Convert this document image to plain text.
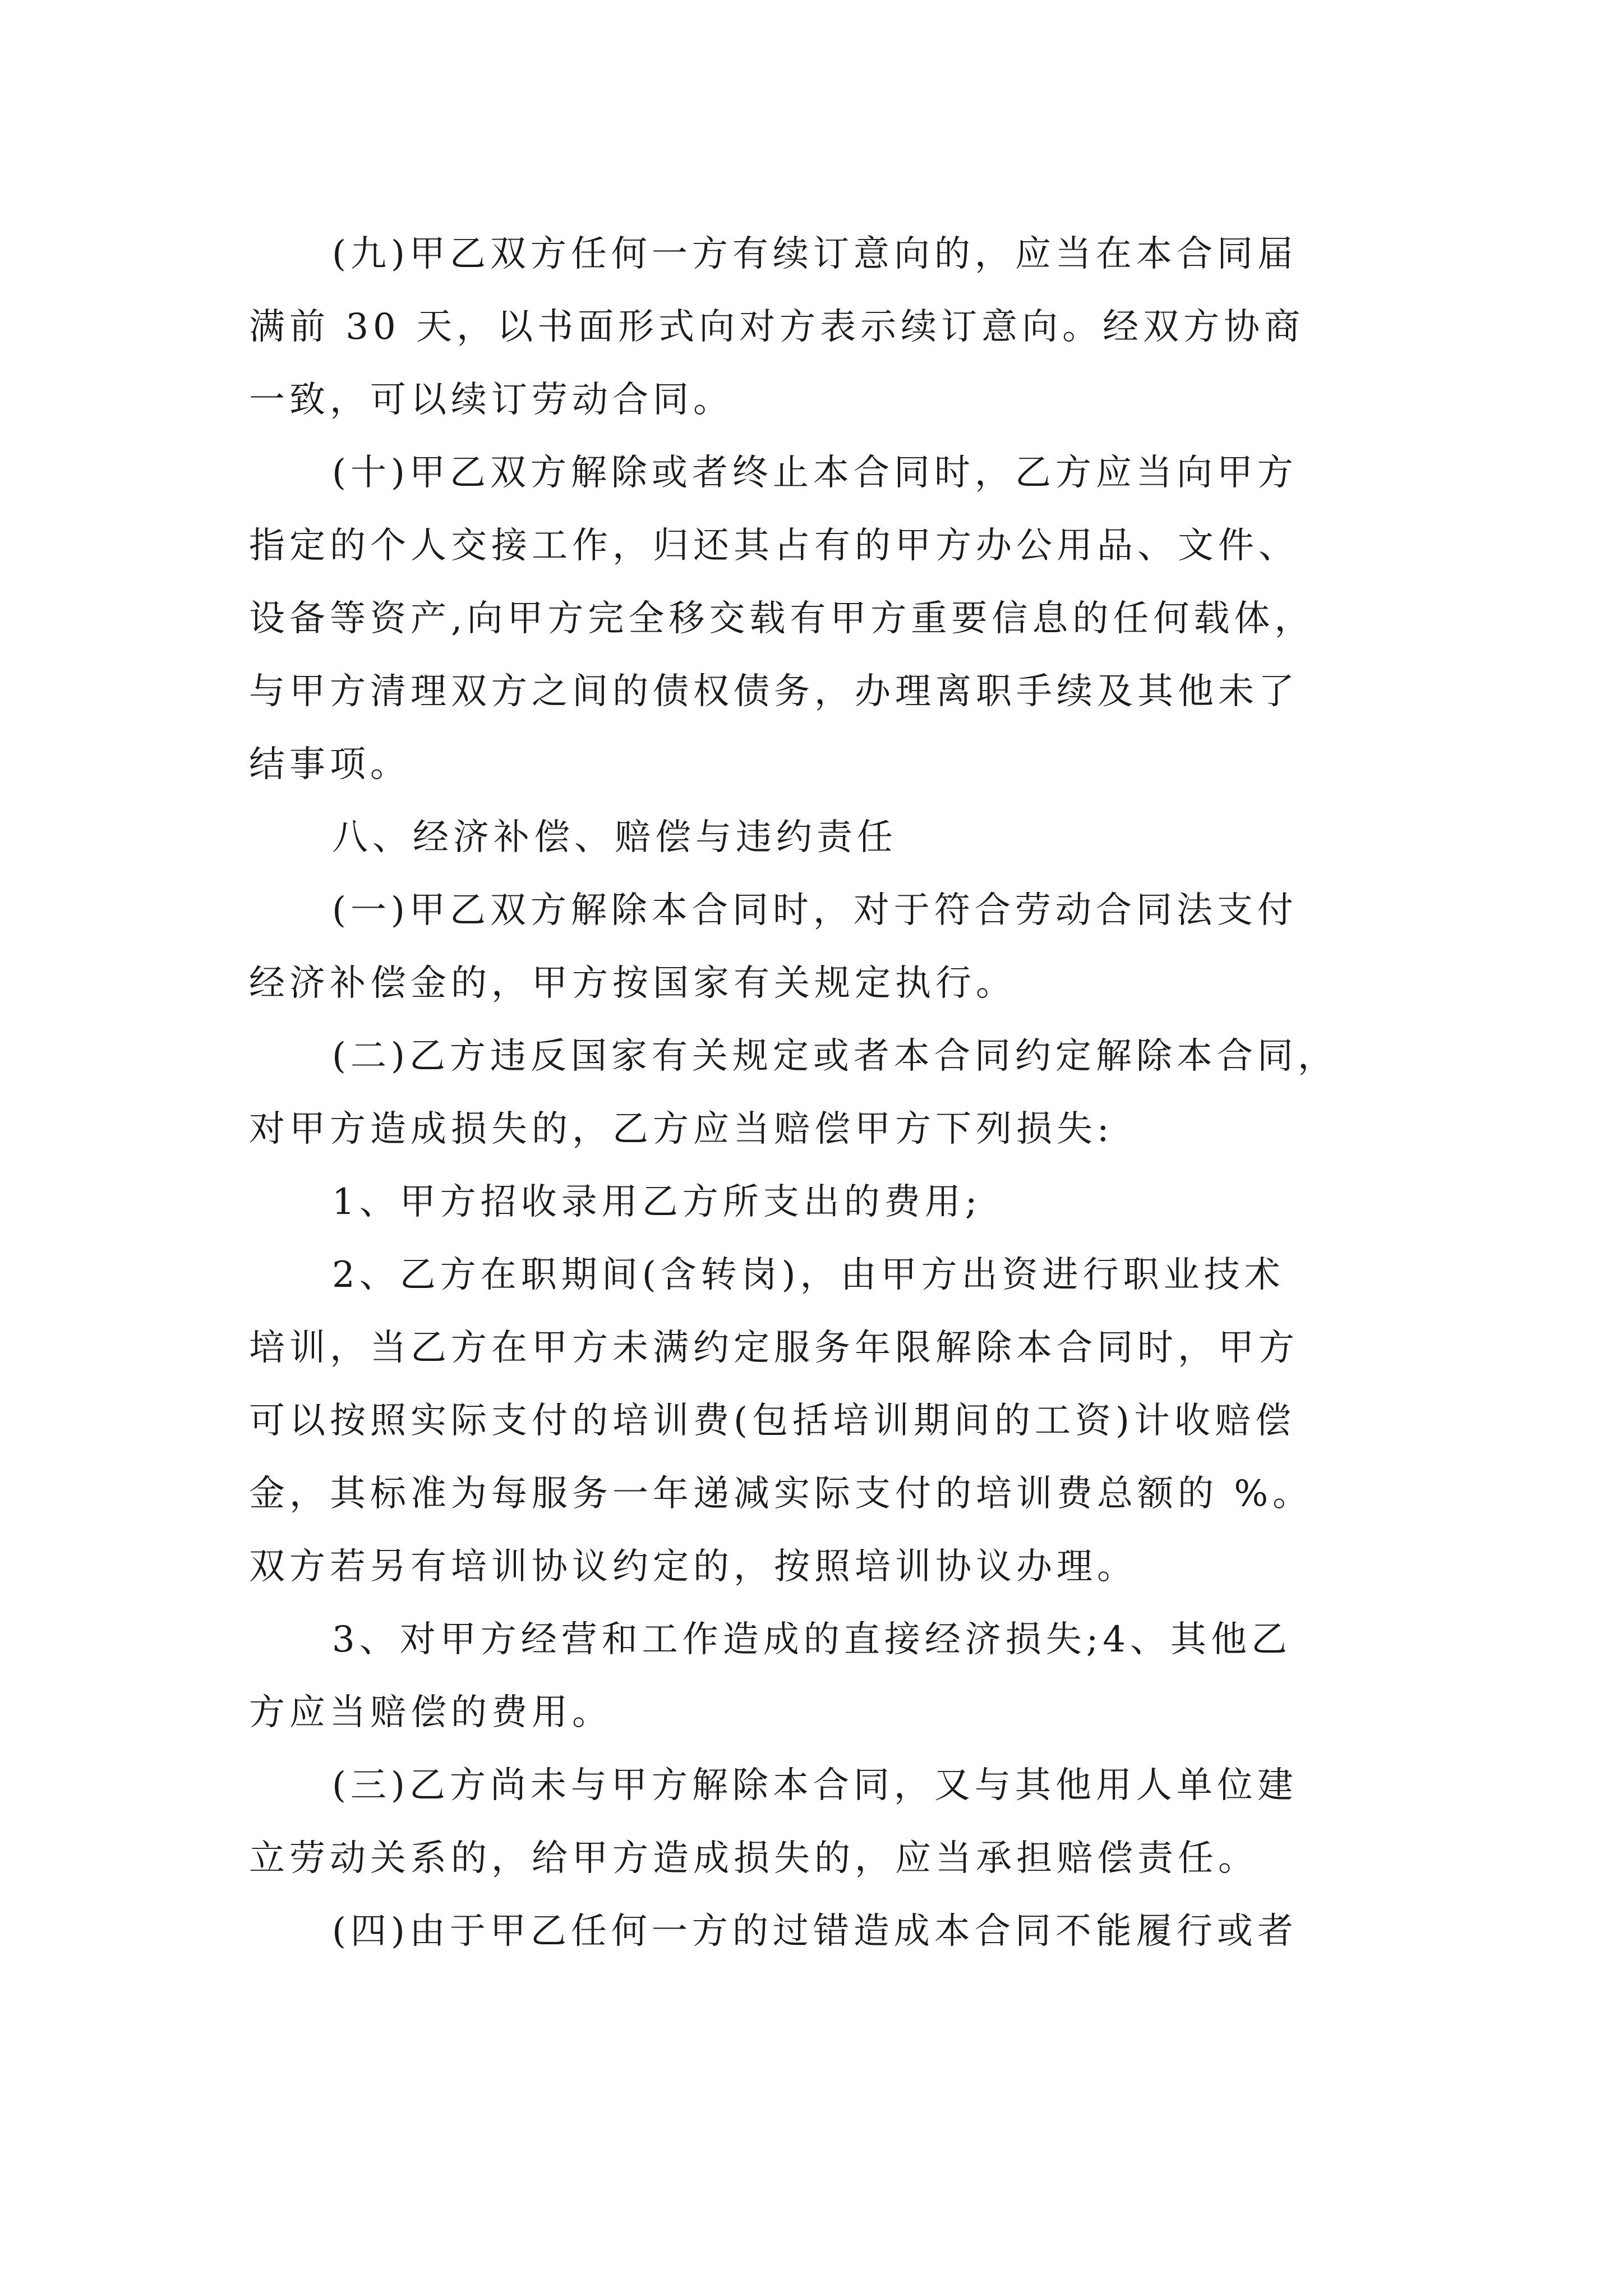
(九)甲乙双方任何一方有续订意向的，应当在本合同届
满前 30 天，以书面形式向对方表示续订意向。经双方协商
一致，可以续订劳动合同。
(十)甲乙双方解除或者终止本合同时，乙方应当向甲方
指定的个人交接工作，归还其占有的甲方办公用品、文件、
设备等资产,向甲方完全移交载有甲方重要信息的任何载体，
与甲方清理双方之间的债权债务，办理离职手续及其他未了
结事项。
八、经济补偿、赔偿与违约责任
(一)甲乙双方解除本合同时，对于符合劳动合同法支付
经济补偿金的，甲方按国家有关规定执行。
(二)乙方违反国家有关规定或者本合同约定解除本合同，
对甲方造成损失的，乙方应当赔偿甲方下列损失:
1、甲方招收录用乙方所支出的费用;
2、乙方在职期间(含转岗)，由甲方出资进行职业技术
培训，当乙方在甲方未满约定服务年限解除本合同时，甲方
可以按照实际支付的培训费(包括培训期间的工资)计收赔偿
金，其标准为每服务一年递减实际支付的培训费总额的 %。
双方若另有培训协议约定的，按照培训协议办理。
3、对甲方经营和工作造成的直接经济损失;4、其他乙
方应当赔偿的费用。
(三)乙方尚未与甲方解除本合同，又与其他用人单位建
立劳动关系的，给甲方造成损失的，应当承担赔偿责任。
(四)由于甲乙任何一方的过错造成本合同不能履行或者
